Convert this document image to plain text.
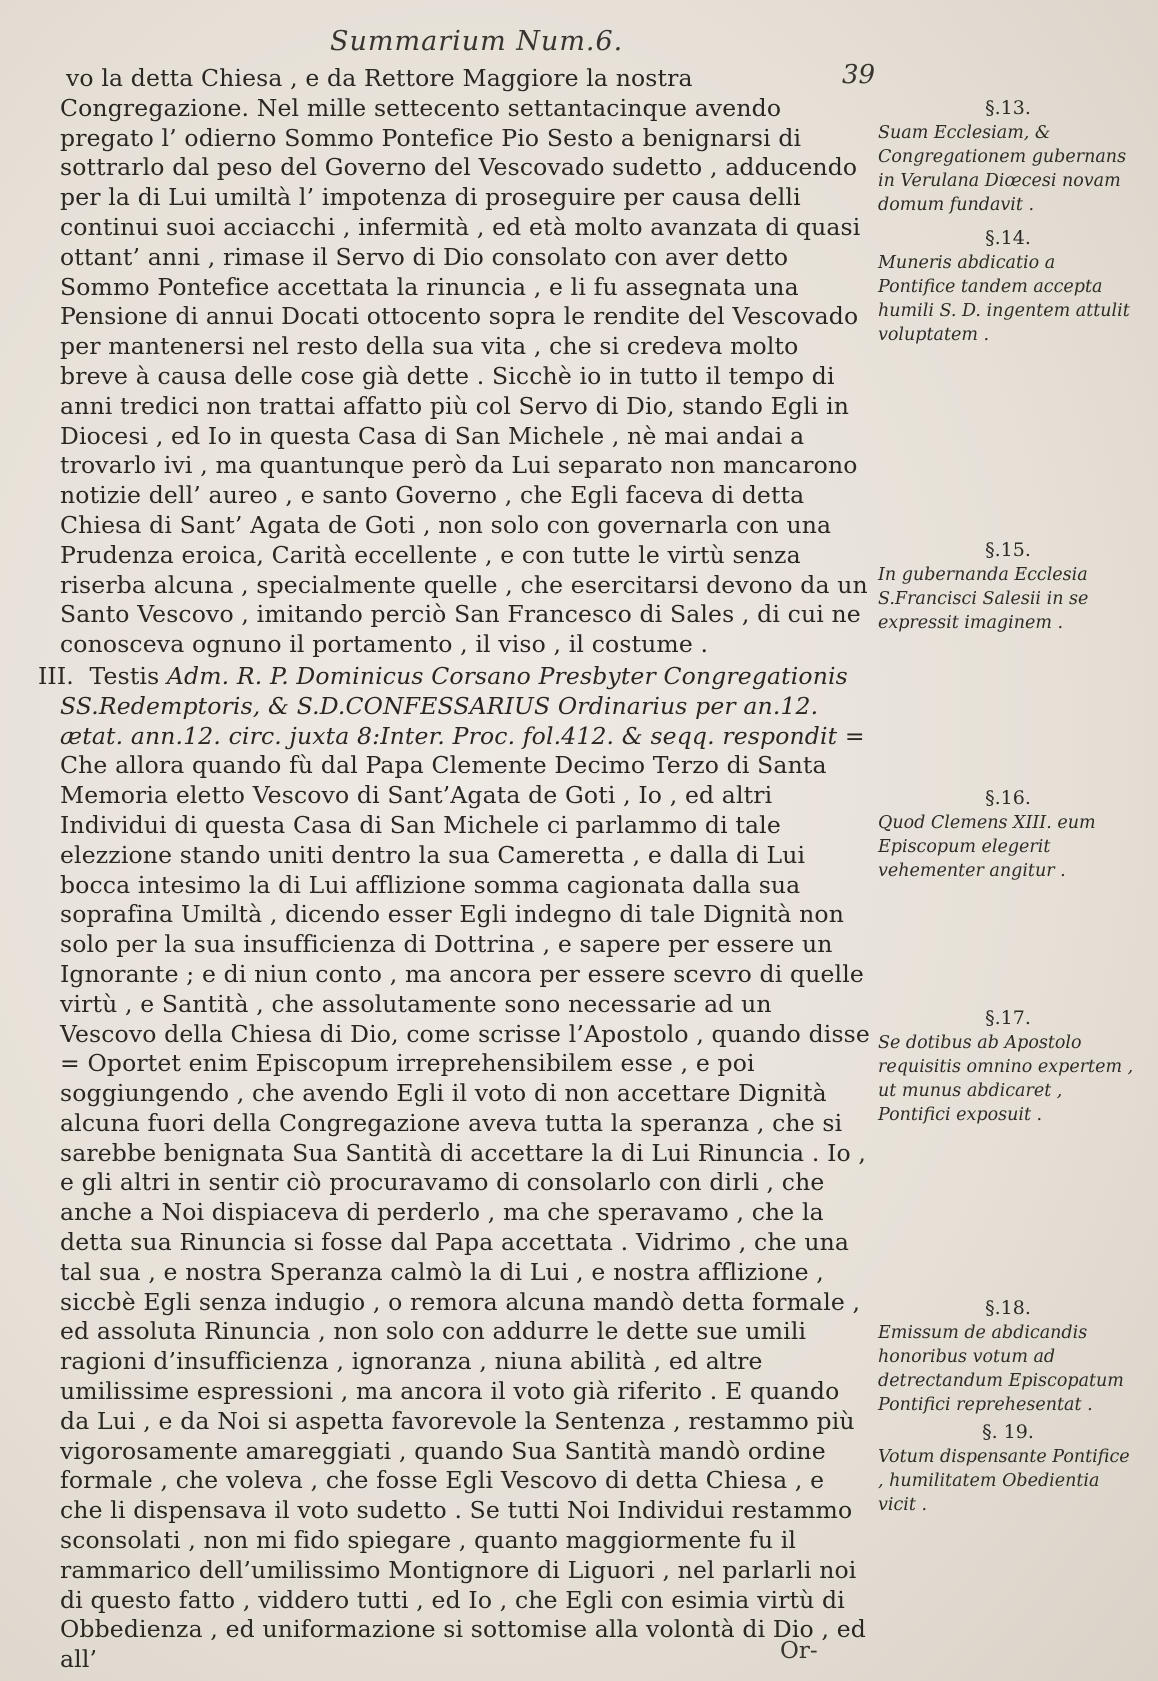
Summarium Num.6.
39

vo la detta Chiesa , e da Rettore Maggiore la nostra Congregazione. Nel mille settecento settantacinque avendo pregato l’ odierno Sommo Pontefice Pio Sesto a benignarsi di sottrarlo dal peso del Governo del Vescovado sudetto , adducendo per la di Lui umiltà l’ impotenza di proseguire per causa delli continui suoi acciacchi , infermità , ed età molto avanzata di quasi ottant’ anni , rimase il Servo di Dio consolato con aver detto Sommo Pontefice accettata la rinuncia , e li fu assegnata una Pensione di annui Docati ottocento sopra le rendite del Vescovado per mantenersi nel resto della sua vita , che si credeva molto breve à causa delle cose già dette . Sicchè io in tutto il tempo di anni tredici non trattai affatto più col Servo di Dio, stando Egli in Diocesi , ed Io in questa Casa di San Michele , nè mai andai a trovarlo ivi , ma quantunque però da Lui separato non mancarono notizie dell’ aureo , e santo Governo , che Egli faceva di detta Chiesa di Sant’ Agata de Goti , non solo con governarla con una Prudenza eroica, Carità eccellente , e con tutte le virtù senza riserba alcuna , specialmente quelle , che esercitarsi devono da un Santo Vescovo , imitando perciò San Francesco di Sales , di cui ne conosceva ognuno il portamento , il viso , il costume .

III. Testis Adm. R. P. Dominicus Corsano Presbyter Congregationis SS.Redemptoris, & S.D.CONFESSARIUS Ordinarius per an.12. ætat. ann.12. circ. juxta 8:Inter. Proc. fol.412. & seqq. respondit =

Che allora quando fù dal Papa Clemente Decimo Terzo di Santa Memoria eletto Vescovo di Sant’Agata de Goti , Io , ed altri Individui di questa Casa di San Michele ci parlammo di tale elezzione stando uniti dentro la sua Cameretta , e dalla di Lui bocca intesimo la di Lui afflizione somma cagionata dalla sua soprafina Umiltà , dicendo esser Egli indegno di tale Dignità non solo per la sua insufficienza di Dottrina , e sapere per essere un Ignorante ; e di niun conto , ma ancora per essere scevro di quelle virtù , e Santità , che assolutamente sono necessarie ad un Vescovo della Chiesa di Dio, come scrisse l’Apostolo , quando disse = Oportet enim Episcopum irreprehensibilem esse , e poi soggiungendo , che avendo Egli il voto di non accettare Dignità alcuna fuori della Congregazione aveva tutta la speranza , che si sarebbe benignata Sua Santità di accettare la di Lui Rinuncia . Io , e gli altri in sentir ciò procuravamo di consolarlo con dirli , che anche a Noi dispiaceva di perderlo , ma che speravamo , che la detta sua Rinuncia si fosse dal Papa accettata . Vidrimo , che una tal sua , e nostra Speranza calmò la di Lui , e nostra afflizione , siccbè Egli senza indugio , o remora alcuna mandò detta formale , ed assoluta Rinuncia , non solo con addurre le dette sue umili ragioni d’insufficienza , ignoranza , niuna abilità , ed altre umilissime espressioni , ma ancora il voto già riferito . E quando da Lui , e da Noi si aspetta favorevole la Sentenza , restammo più vigorosamente amareggiati , quando Sua Santità mandò ordine formale , che voleva , che fosse Egli Vescovo di detta Chiesa , e che li dispensava il voto sudetto . Se tutti Noi Individui restammo sconsolati , non mi fido spiegare , quanto maggiormente fu il rammarico dell’umilissimo Montignore di Liguori , nel parlarli noi di questo fatto , viddero tutti , ed Io , che Egli con esimia virtù di Obbedienza , ed uniformazione si sottomise alla volontà di Dio , ed all’	Or-
§.13.
Suam Ecclesiam, & Congregationem gubernans in Verulana Diœcesi novam domum fundavit .
§.14.
Muneris abdicatio a Pontifice tandem accepta humili S. D. ingentem attulit voluptatem .
§.15.
In gubernanda Ecclesia S.Francisci Salesii in se expressit imaginem .
§.16.
Quod Clemens XIII. eum Episcopum elegerit vehementer angitur .
§.17.
Se dotibus ab Apostolo requisitis omnino expertem , ut munus abdicaret , Pontifici exposuit .
§.18.
Emissum de abdicandis honoribus votum ad detrectandum Episcopatum Pontifici reprehesentat .
§. 19.
Votum dispensante Pontifice , humilitatem Obedientia vicit .
